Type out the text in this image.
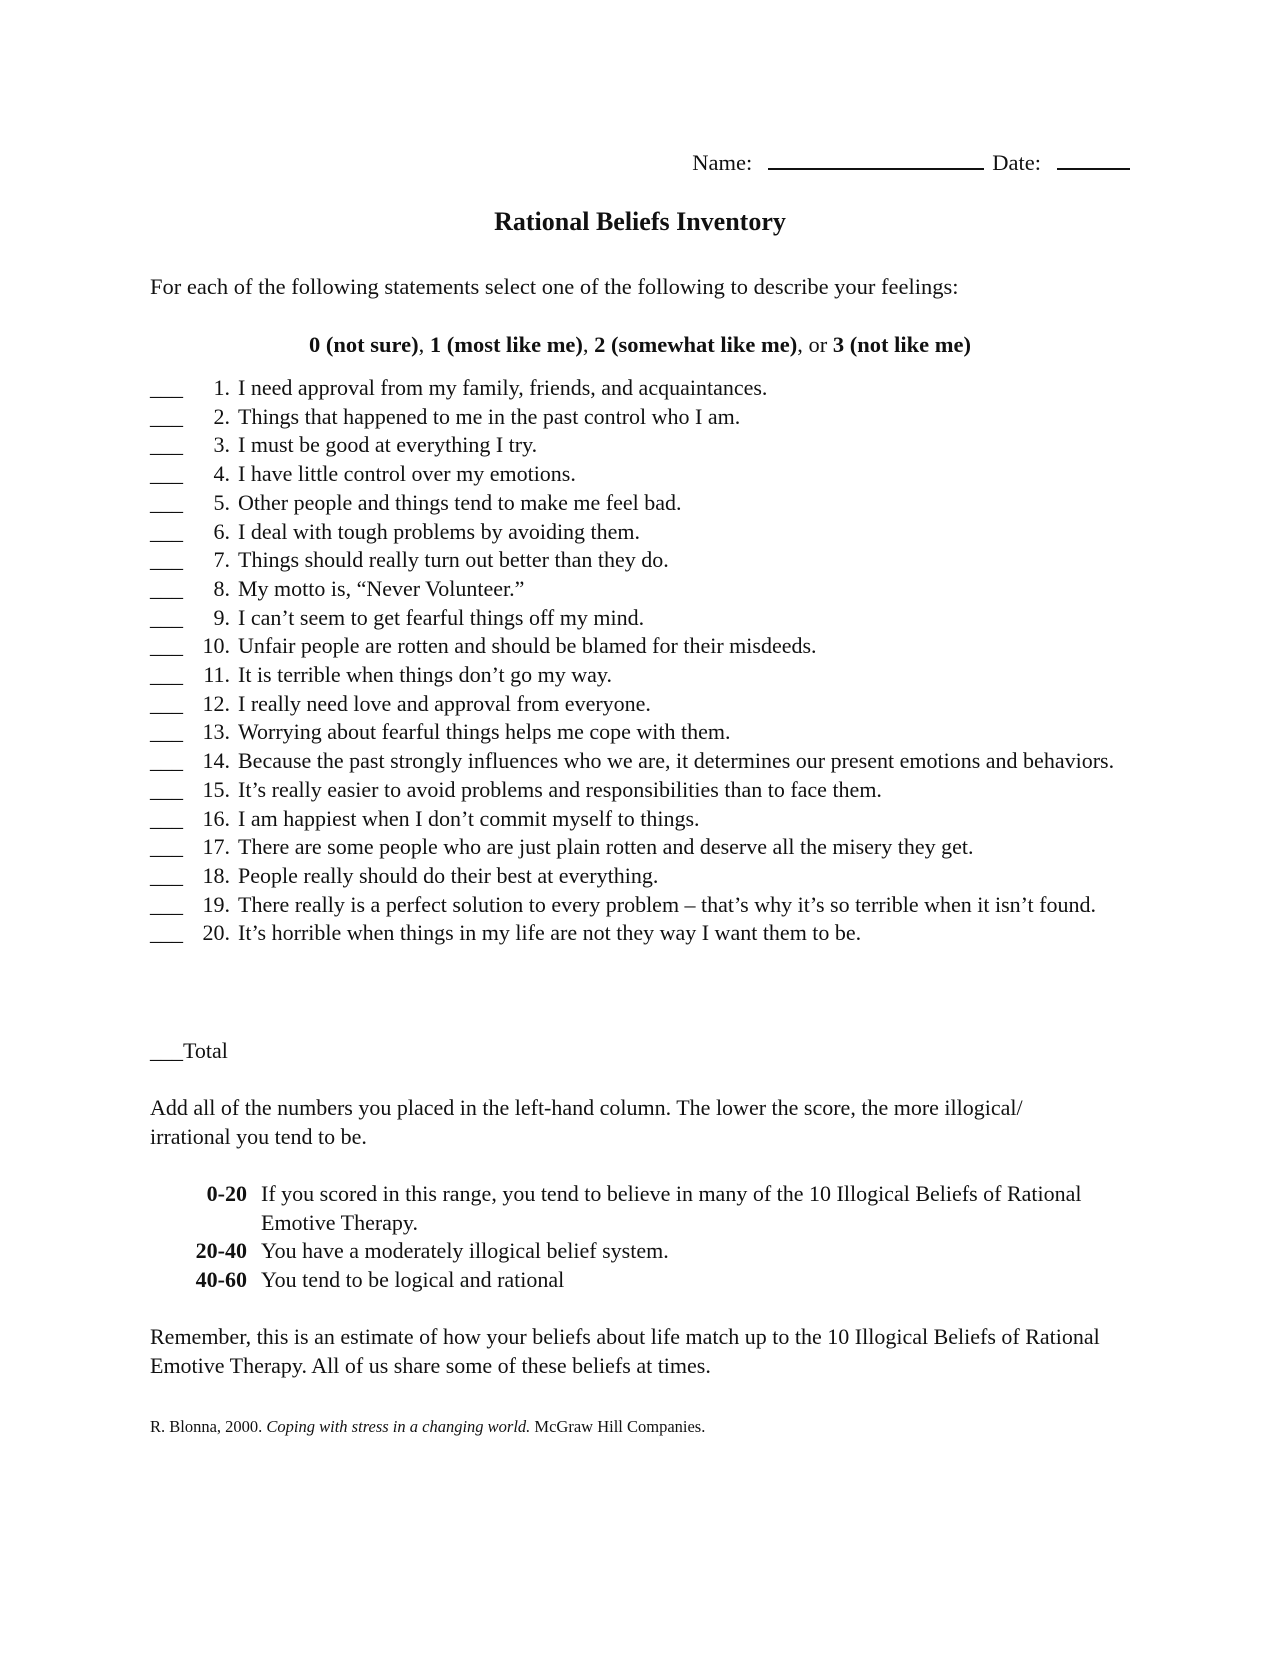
Name:	Date:
Rational Beliefs Inventory
For each of the following statements select one of the following to describe your feelings:
0 (not sure), 1 (most like me), 2 (somewhat like me), or 3 (not like me)
___	1. I need approval from my family, friends, and acquaintances.
___	2. Things that happened to me in the past control who I am.
___	3. I must be good at everything I try.
___	4. I have little control over my emotions.
___	5. Other people and things tend to make me feel bad.
___	6. I deal with tough problems by avoiding them.
___	7. Things should really turn out better than they do.
___	8. My motto is, “Never Volunteer.”
___	9. I can’t seem to get fearful things off my mind.
___ 10. Unfair people are rotten and should be blamed for their misdeeds.
___ 11. It is terrible when things don’t go my way.
___ 12. I really need love and approval from everyone.
___ 13. Worrying about fearful things helps me cope with them.
___ 14. Because the past strongly influences who we are, it determines our present emotions and behaviors.
___ 15. It’s really easier to avoid problems and responsibilities than to face them.
___ 16. I am happiest when I don’t commit myself to things.
___ 17. There are some people who are just plain rotten and deserve all the misery they get.
___ 18. People really should do their best at everything.
___ 19. There really is a perfect solution to every problem – that’s why it’s so terrible when it isn’t found.
___ 20. It’s horrible when things in my life are not they way I want them to be.
___Total
Add all of the numbers you placed in the left-hand column. The lower the score, the more illogical/ irrational you tend to be.
0-20 If you scored in this range, you tend to believe in many of the 10 Illogical Beliefs of Rational Emotive Therapy.
20-40 You have a moderately illogical belief system.
40-60 You tend to be logical and rational
Remember, this is an estimate of how your beliefs about life match up to the 10 Illogical Beliefs of Rational Emotive Therapy. All of us share some of these beliefs at times.
R. Blonna, 2000. Coping with stress in a changing world. McGraw Hill Companies.
